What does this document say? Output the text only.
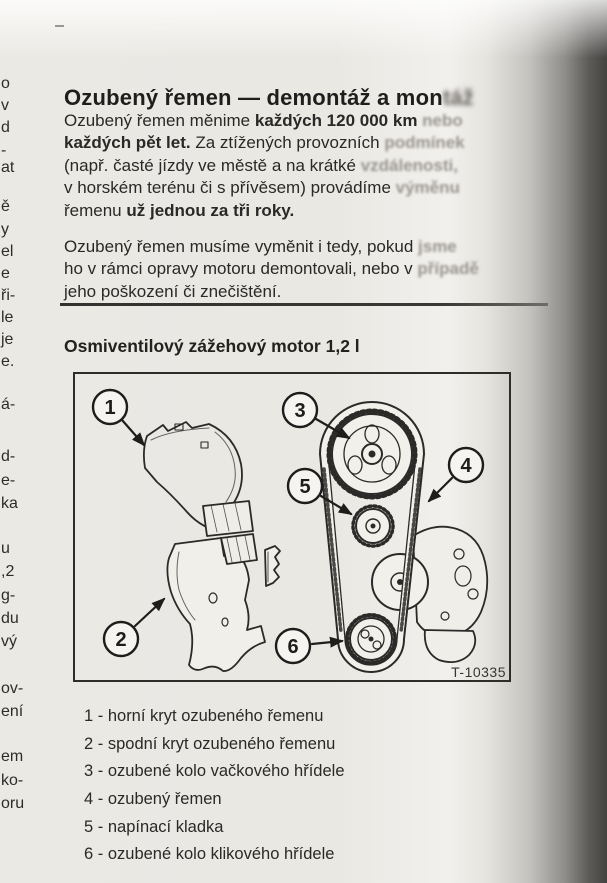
o
v
d
-
at
ě
y
el
e
ři-
le
je
e.
á-
d-
e-
ka
u
,2
g-
du
vý
ov-
ení
em
ko-
oru
Ozubený řemen — demontáž a montáž

Ozubený řemen měnime každých 120 000 km nebo
každých pět let. Za ztížených provozních podmínek
(např. časté jízdy ve městě a na krátké vzdálenosti,
v horském terénu či s přívěsem) provádíme výměnu
řemenu už jednou za tři roky.

Ozubený řemen musíme vyměnit i tedy, pokud jsme
ho v rámci opravy motoru demontovali, nebo v případě
jeho poškození či znečištění.

Osmiventilový zážehový motor 1,2 l
1
2
3
4
5
6
T-10335
1 - horní kryt ozubeného řemenu
2 - spodní kryt ozubeného řemenu
3 - ozubené kolo vačkového hřídele
4 - ozubený řemen
5 - napínací kladka
6 - ozubené kolo klikového hřídele
